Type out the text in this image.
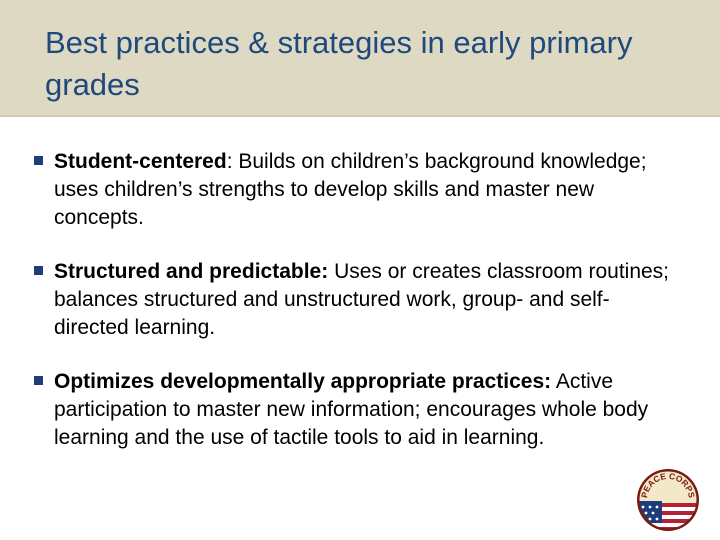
Best practices & strategies in early primary grades
Student-centered: Builds on children’s background knowledge; uses children’s strengths to develop skills and master new concepts.
Structured and predictable: Uses or creates classroom routines; balances structured and unstructured work, group- and self-directed learning.
Optimizes developmentally appropriate practices: Active participation to master new information; encourages whole body learning and the use of tactile tools to aid in learning.
PEACE CORPS
